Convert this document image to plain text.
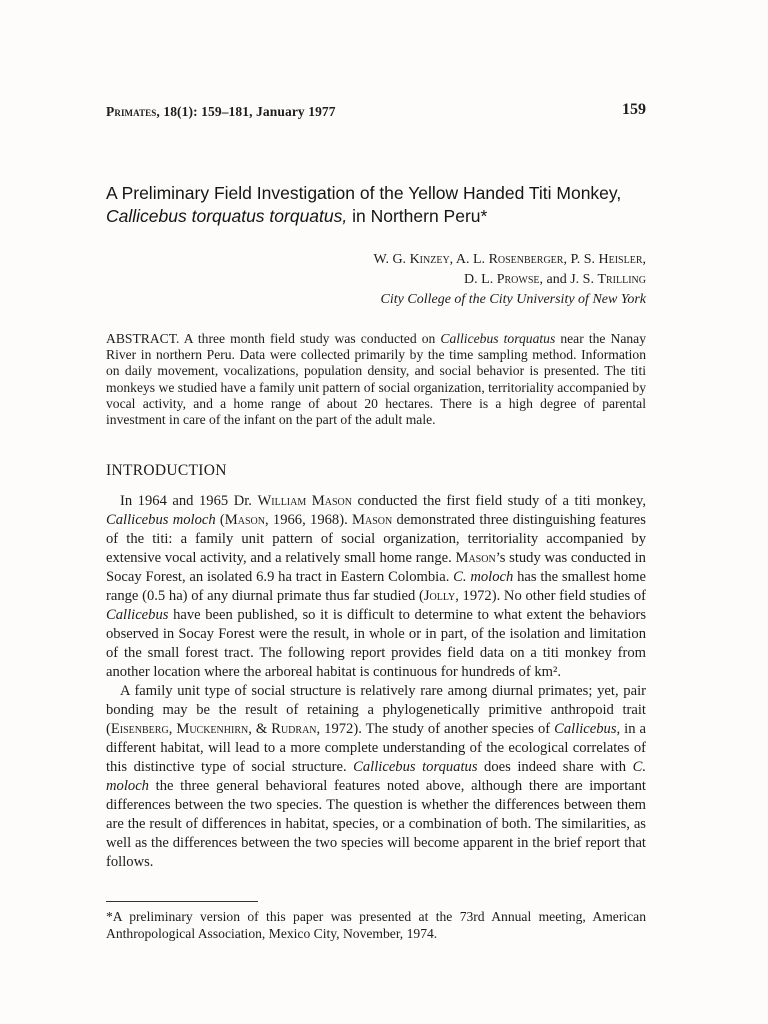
Primates, 18(1): 159–181, January 1977	159
A Preliminary Field Investigation of the Yellow Handed Titi Monkey, Callicebus torquatus torquatus, in Northern Peru*
W. G. Kinzey, A. L. Rosenberger, P. S. Heisler,
D. L. Prowse, and J. S. Trilling
City College of the City University of New York
ABSTRACT. A three month field study was conducted on Callicebus torquatus near the Nanay River in northern Peru. Data were collected primarily by the time sampling method. Information on daily movement, vocalizations, population density, and social behavior is presented. The titi monkeys we studied have a family unit pattern of social organization, territoriality accompanied by vocal activity, and a home range of about 20 hectares. There is a high degree of parental investment in care of the infant on the part of the adult male.
INTRODUCTION

In 1964 and 1965 Dr. William Mason conducted the first field study of a titi monkey, Callicebus moloch (Mason, 1966, 1968). Mason demonstrated three distinguishing features of the titi: a family unit pattern of social organization, territoriality accompanied by extensive vocal activity, and a relatively small home range. Mason’s study was conducted in Socay Forest, an isolated 6.9 ha tract in Eastern Colombia. C. moloch has the smallest home range (0.5 ha) of any diurnal primate thus far studied (Jolly, 1972). No other field studies of Callicebus have been published, so it is difficult to determine to what extent the behaviors observed in Socay Forest were the result, in whole or in part, of the isolation and limitation of the small forest tract. The following report provides field data on a titi monkey from another location where the arboreal habitat is continuous for hundreds of km².

A family unit type of social structure is relatively rare among diurnal primates; yet, pair bonding may be the result of retaining a phylogenetically primitive anthropoid trait (Eisenberg, Muckenhirn, & Rudran, 1972). The study of another species of Callicebus, in a different habitat, will lead to a more complete understanding of the ecological correlates of this distinctive type of social structure. Callicebus torquatus does indeed share with C. moloch the three general behavioral features noted above, although there are important differences between the two species. The question is whether the differences between them are the result of differences in habitat, species, or a combination of both. The similarities, as well as the differences between the two species will become apparent in the brief report that follows.

*A preliminary version of this paper was presented at the 73rd Annual meeting, American Anthropological Association, Mexico City, November, 1974.
